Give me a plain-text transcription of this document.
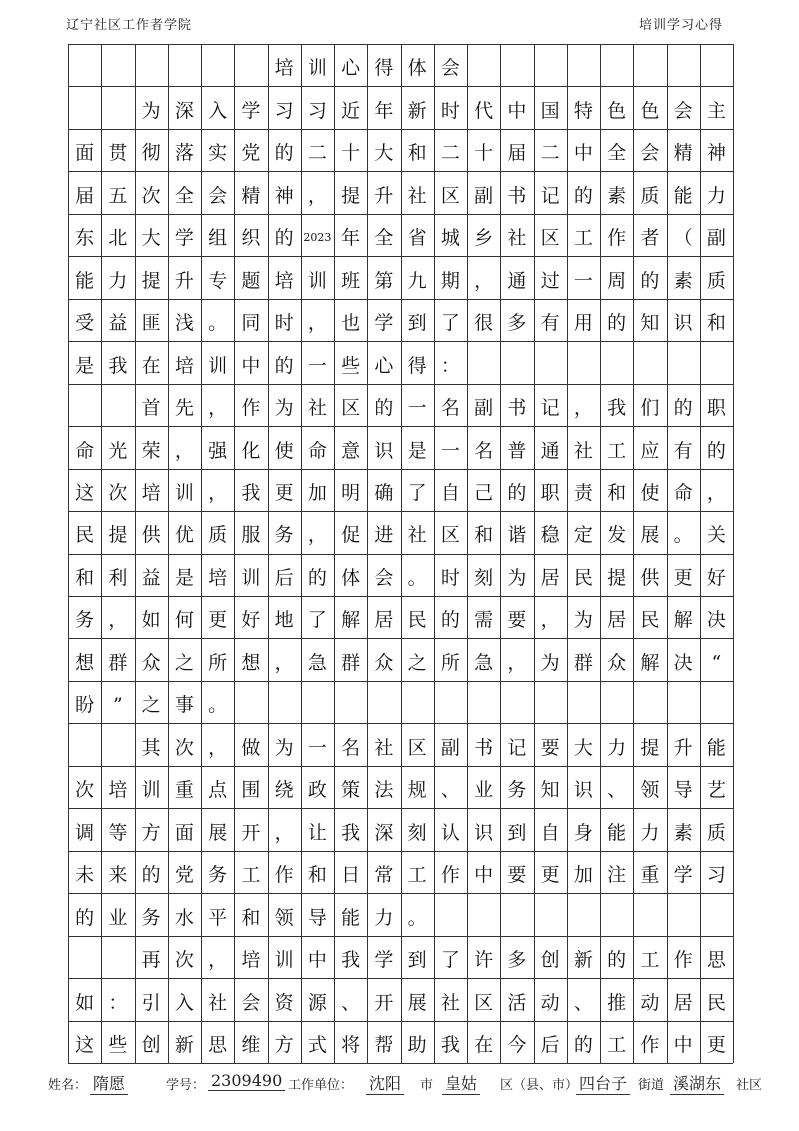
辽宁社区工作者学院	培训学习心得
培 训 心 得 体 会
为 深 入 学 习 习 近 年 新 时 代 中 国 特 色 色 会 主
面 贯 彻 落 实 党 的 二 十 大 和 二 十 届 二 中 全 会 精 神
届 五 次 全 会 精 神 ， 提 升 社 区 副 书 记 的 素 质 能 力
东 北 大 学 组 织 的 2023 年 全 省 城 乡 社 区 工 作 者 （ 副
能 力 提 升 专 题 培 训 班 第 九 期 ， 通 过 一 周 的 素 质
受 益 匪 浅 。 同 时 ， 也 学 到 了 很 多 有 用 的 知 识 和
是 我 在 培 训 中 的 一 些 心 得 ：
首 先 ， 作 为 社 区 的 一 名 副 书 记 ， 我 们 的 职
命 光 荣 ， 强 化 使 命 意 识 是 一 名 普 通 社 工 应 有 的
这 次 培 训 ， 我 更 加 明 确 了 自 己 的 职 责 和 使 命 ，
民 提 供 优 质 服 务 ， 促 进 社 区 和 谐 稳 定 发 展 。 关
和 利 益 是 培 训 后 的 体 会 。 时 刻 为 居 民 提 供 更 好
务 ， 如 何 更 好 地 了 解 居 民 的 需 要 ， 为 居 民 解 决
想 群 众 之 所 想 ， 急 群 众 之 所 急 ， 为 群 众 解 决 “
盼 ” 之 事 。
其 次 ， 做 为 一 名 社 区 副 书 记 要 大 力 提 升 能
次 培 训 重 点 围 绕 政 策 法 规 、 业 务 知 识 、 领 导 艺
调 等 方 面 展 开 ， 让 我 深 刻 认 识 到 自 身 能 力 素 质
未 来 的 党 务 工 作 和 日 常 工 作 中 要 更 加 注 重 学 习
的 业 务 水 平 和 领 导 能 力 。
再 次 ， 培 训 中 我 学 到 了 许 多 创 新 的 工 作 思
如 ： 引 入 社 会 资 源 、 开 展 社 区 活 动 、 推 动 居 民
这 些 创 新 思 维 方 式 将 帮 助 我 在 今 后 的 工 作 中 更
姓名： 隋愿	学号： 2309490 工作单位： 沈阳 市 皇姑 区（县、市） 四台子 街道 溪湖东 社区
